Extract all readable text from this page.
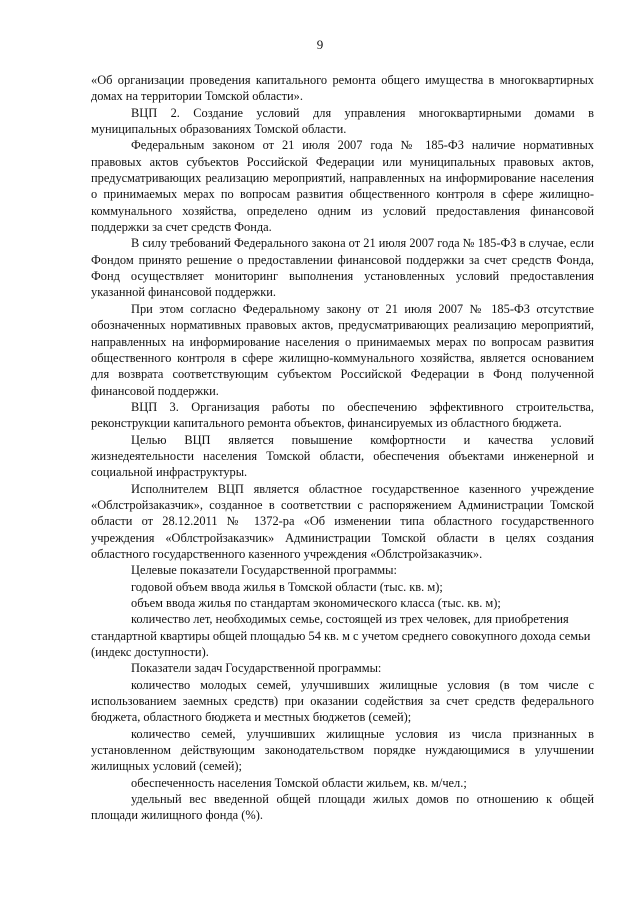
9

«Об организации проведения капитального ремонта общего имущества в многоквартирных домах на территории Томской области».

ВЦП 2. Создание условий для управления многоквартирными домами в муниципальных образованиях Томской области.

Федеральным законом от 21 июля 2007 года № 185-ФЗ наличие нормативных правовых актов субъектов Российской Федерации или муниципальных правовых актов, предусматривающих реализацию мероприятий, направленных на информирование населения о принимаемых мерах по вопросам развития общественного контроля в сфере жилищно-коммунального хозяйства, определено одним из условий предоставления финансовой поддержки за счет средств Фонда.

В силу требований Федерального закона от 21 июля 2007 года № 185-ФЗ в случае, если Фондом принято решение о предоставлении финансовой поддержки за счет средств Фонда, Фонд осуществляет мониторинг выполнения установленных условий предоставления указанной финансовой поддержки.

При этом согласно Федеральному закону от 21 июля 2007 № 185-ФЗ отсутствие обозначенных нормативных правовых актов, предусматривающих реализацию мероприятий, направленных на информирование населения о принимаемых мерах по вопросам развития общественного контроля в сфере жилищно-коммунального хозяйства, является основанием для возврата соответствующим субъектом Российской Федерации в Фонд полученной финансовой поддержки.

ВЦП 3. Организация работы по обеспечению эффективного строительства, реконструкции капитального ремонта объектов, финансируемых из областного бюджета.

Целью ВЦП является повышение комфортности и качества условий жизнедеятельности населения Томской области, обеспечения объектами инженерной и социальной инфраструктуры.

Исполнителем ВЦП является областное государственное казенного учреждение «Облстройзаказчик», созданное в соответствии с распоряжением Администрации Томской области от 28.12.2011 № 1372-ра «Об изменении типа областного государственного учреждения «Облстройзаказчик» Администрации Томской области в целях создания областного государственного казенного учреждения «Облстройзаказчик».

Целевые показатели Государственной программы:

годовой объем ввода жилья в Томской области (тыс. кв. м);

объем ввода жилья по стандартам экономического класса (тыс. кв. м);

количество лет, необходимых семье, состоящей из трех человек, для приобретения стандартной квартиры общей площадью 54 кв. м с учетом среднего совокупного дохода семьи (индекс доступности).

Показатели задач Государственной программы:

количество молодых семей, улучшивших жилищные условия (в том числе с использованием заемных средств) при оказании содействия за счет средств федерального бюджета, областного бюджета и местных бюджетов (семей);

количество семей, улучшивших жилищные условия из числа признанных в установленном действующим законодательством порядке нуждающимися в улучшении жилищных условий (семей);

обеспеченность населения Томской области жильем, кв. м/чел.;

удельный вес введенной общей площади жилых домов по отношению к общей площади жилищного фонда (%).
